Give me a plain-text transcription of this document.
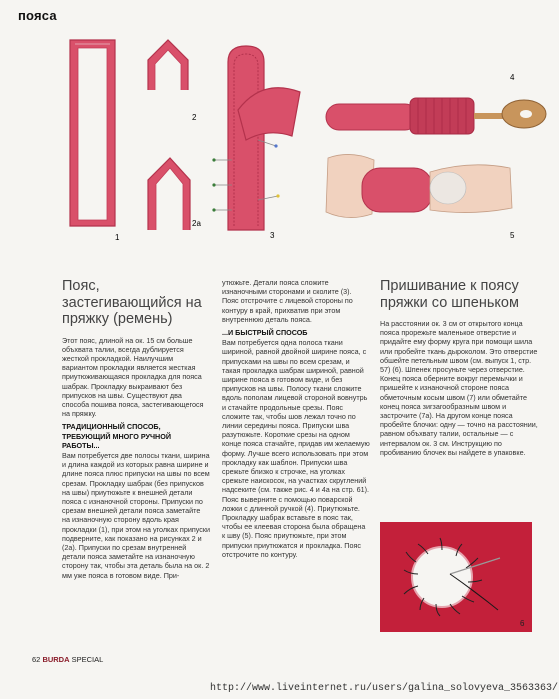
пояса
1
2
2a
3
4
5
Пояс, застегивающийся на пряжку (ремень)

Этот пояс, длиной на ок. 15 см больше объхвата талии, всегда дублируется жесткой прокладкой. Наилучшим вариантом прокладки является жесткая приутюживающаяся прокладка для пояса шабрак. Прокладку выкраивают без припусков на швы. Существуют два способа пошива пояса, застегивающегося на пряжку.

ТРАДИЦИОННЫЙ СПОСОБ, ТРЕБУЮЩИЙ МНОГО РУЧНОЙ РАБОТЫ...

Вам потребуется две полосы ткани, ширина и длина каждой из которых равна ширине и длине пояса плюс припуски на швы по всем срезам. Прокладку шабрак (без припусков на швы) приутюжьте к внешней детали пояса с изнаночной стороны. Припуски по срезам внешней детали пояса заметайте на изнаночную сторону вдоль края прокладки (1), при этом на уголках припуски подверните, как показано на рисунках 2 и (2a). Припуски по срезам внутренней детали пояса заметайте на изнаночную сторону так, чтобы эта деталь была на ок. 2 мм уже пояса в готовом виде. При-

утюжьте. Детали пояса сложите изнаночными сторонами и сколите (3). Пояс отстрочите с лицевой стороны по контуру в край, прихватив при этом внутреннюю деталь пояса.

...И БЫСТРЫЙ СПОСОБ

Вам потребуется одна полоса ткани шириной, равной двойной ширине пояса, с припусками на швы по всем срезам, и такая прокладка шабрак шириной, равной ширине пояса в готовом виде, и без припусков на швы. Полосу ткани сложите вдоль пополам лицевой стороной вовнутрь и стачайте продольные срезы. Пояс сложите так, чтобы шов лежал точно по линии середины пояса. Припуски шва разутюжьте. Короткие срезы на одном конце пояса стачайте, придав им желаемую форму. Лучше всего использовать при этом прокладку как шаблон. Припуски шва срежьте близко к строчке, на уголках срежьте наискосок, на участках скруглений надсеките (см. также рис. 4 и 4a на стр. 61). Пояс выверните с помощью поварской ложки с длинной ручкой (4). Приутюжьте. Прокладку шабрак вставьте в пояс так, чтобы ее клеевая сторона была обращена к шву (5). Пояс приутюжьте, при этом припуски приутюжатся и прокладка. Пояс отстрочите по контуру.

Пришивание к поясу пряжки со шпеньком

На расстоянии ок. 3 см от открытого конца пояса прорежьте маленькое отверстие и придайте ему форму круга при помощи шила или пробейте ткань дыроколом. Это отверстие обшейте петельным швом (см. выпуск 1, стр. 57) (6). Шпенек просуньте через отверстие. Конец пояса оберните вокруг перемычки и пришейте к изнаночной стороне пояса обметочным косым швом (7) или обметайте конец пояса зигзагообразным швом и застрочите (7a). На другом конце пояса пробейте блочки: одну — точно на расстоянии, равном объхвату талии, остальные — с интервалом ок. 3 см. Инструкцию по пробиванию блочек вы найдете в упаковке.

6
62 BURDA SPECIAL
http://www.liveinternet.ru/users/galina_solovyeva_3563363/
